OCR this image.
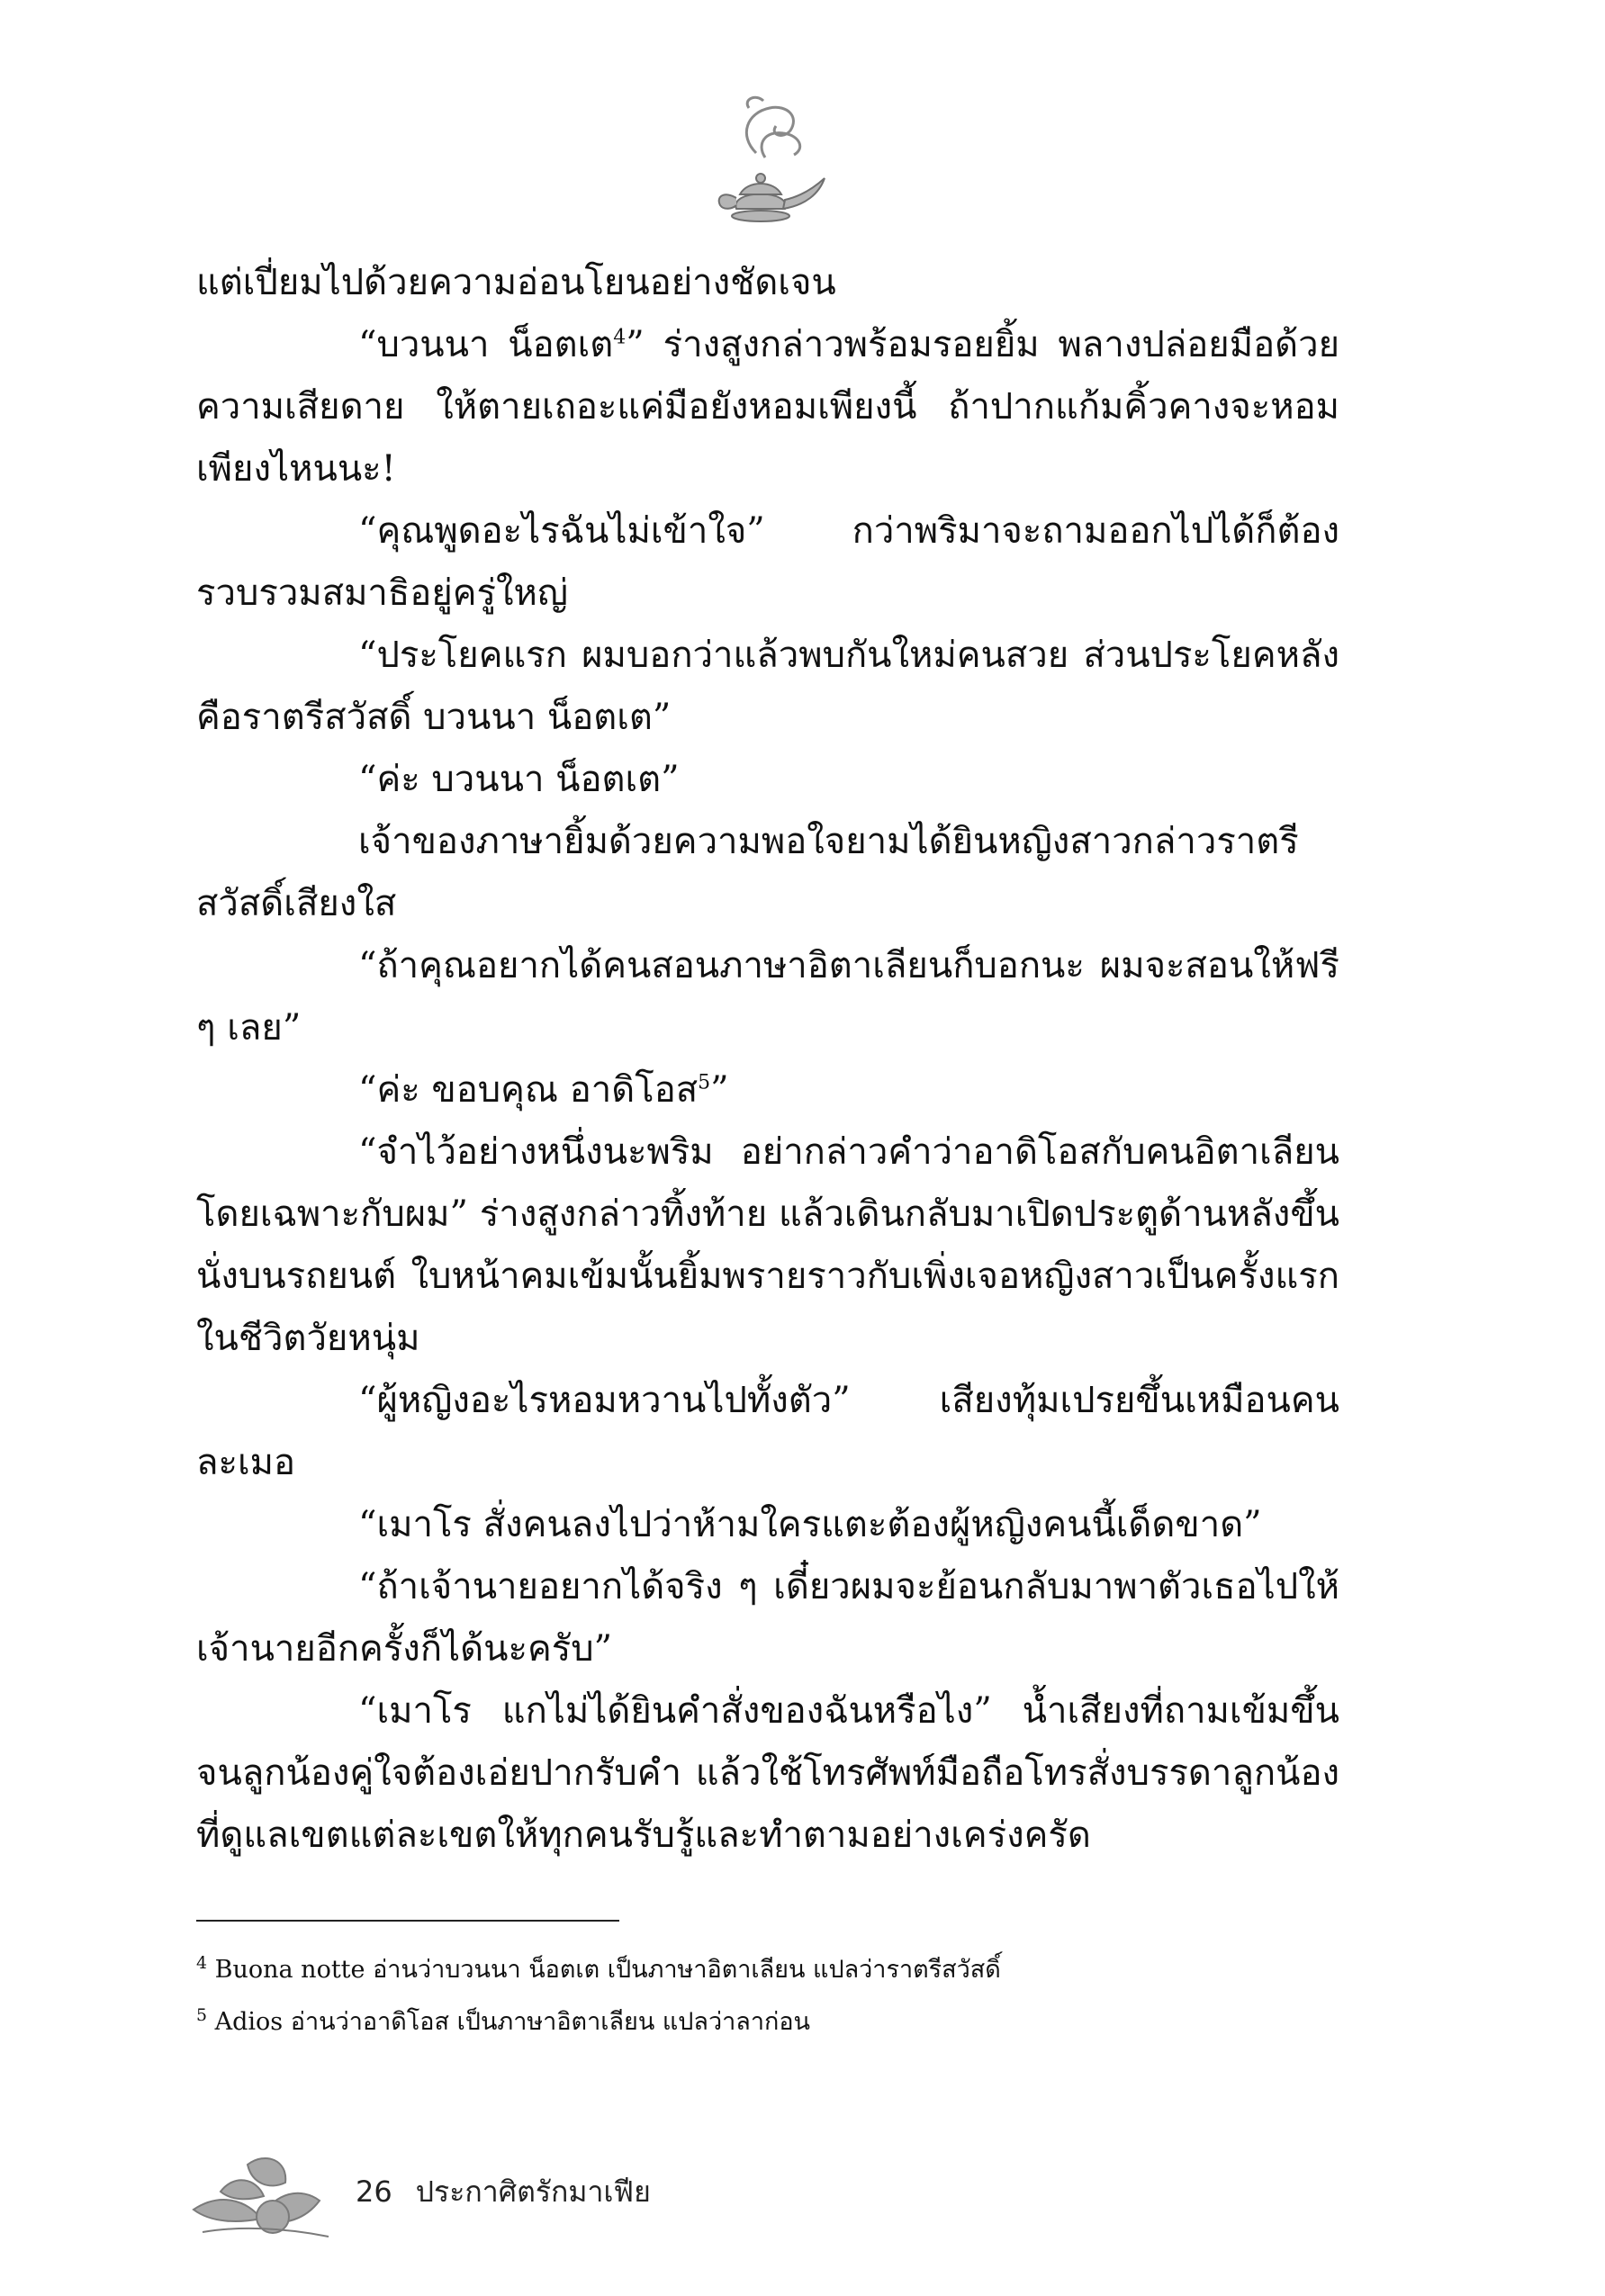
แต่เปี่ยมไปด้วยความอ่อนโยนอย่างชัดเจน

“บวนนา น็อตเต$^4$” ร่างสูงกล่าวพร้อมรอยยิ้ม พลางปล่อยมือด้วยความเสียดาย ให้ตายเถอะแค่มือยังหอมเพียงนี้ ถ้าปากแก้มคิ้วคางจะหอมเพียงไหนนะ!

“คุณพูดอะไรฉันไม่เข้าใจ” กว่าพริมาจะถามออกไปได้ก็ต้องรวบรวมสมาธิอยู่ครู่ใหญ่

“ประโยคแรก ผมบอกว่าแล้วพบกันใหม่คนสวย ส่วนประโยคหลังคือราตรีสวัสดิ์ บวนนา น็อตเต”

“ค่ะ บวนนา น็อตเต”

เจ้าของภาษายิ้มด้วยความพอใจยามได้ยินหญิงสาวกล่าวราตรีสวัสดิ์เสียงใส

“ถ้าคุณอยากได้คนสอนภาษาอิตาเลียนก็บอกนะ ผมจะสอนให้ฟรี ๆ เลย”

“ค่ะ ขอบคุณ อาดิโอส$^5$”

“จำไว้อย่างหนึ่งนะพริม อย่ากล่าวคำว่าอาดิโอสกับคนอิตาเลียนโดยเฉพาะกับผม” ร่างสูงกล่าวทิ้งท้าย แล้วเดินกลับมาเปิดประตูด้านหลังขึ้นนั่งบนรถยนต์ ใบหน้าคมเข้มนั้นยิ้มพรายราวกับเพิ่งเจอหญิงสาวเป็นครั้งแรกในชีวิตวัยหนุ่ม

“ผู้หญิงอะไรหอมหวานไปทั้งตัว” เสียงทุ้มเปรยขึ้นเหมือนคนละเมอ

“เมาโร สั่งคนลงไปว่าห้ามใครแตะต้องผู้หญิงคนนี้เด็ดขาด”

“ถ้าเจ้านายอยากได้จริง ๆ เดี๋ยวผมจะย้อนกลับมาพาตัวเธอไปให้เจ้านายอีกครั้งก็ได้นะครับ”

“เมาโร แกไม่ได้ยินคำสั่งของฉันหรือไง” น้ำเสียงที่ถามเข้มขึ้นจนลูกน้องคู่ใจต้องเอ่ยปากรับคำ แล้วใช้โทรศัพท์มือถือโทรสั่งบรรดาลูกน้องที่ดูแลเขตแต่ละเขตให้ทุกคนรับรู้และทำตามอย่างเคร่งครัด

$^4$ Buona notte อ่านว่าบวนนา น็อตเต เป็นภาษาอิตาเลียน แปลว่าราตรีสวัสดิ์

$^5$ Adios อ่านว่าอาดิโอส เป็นภาษาอิตาเลียน แปลว่าลาก่อน

26 ประกาศิตรักมาเฟีย
